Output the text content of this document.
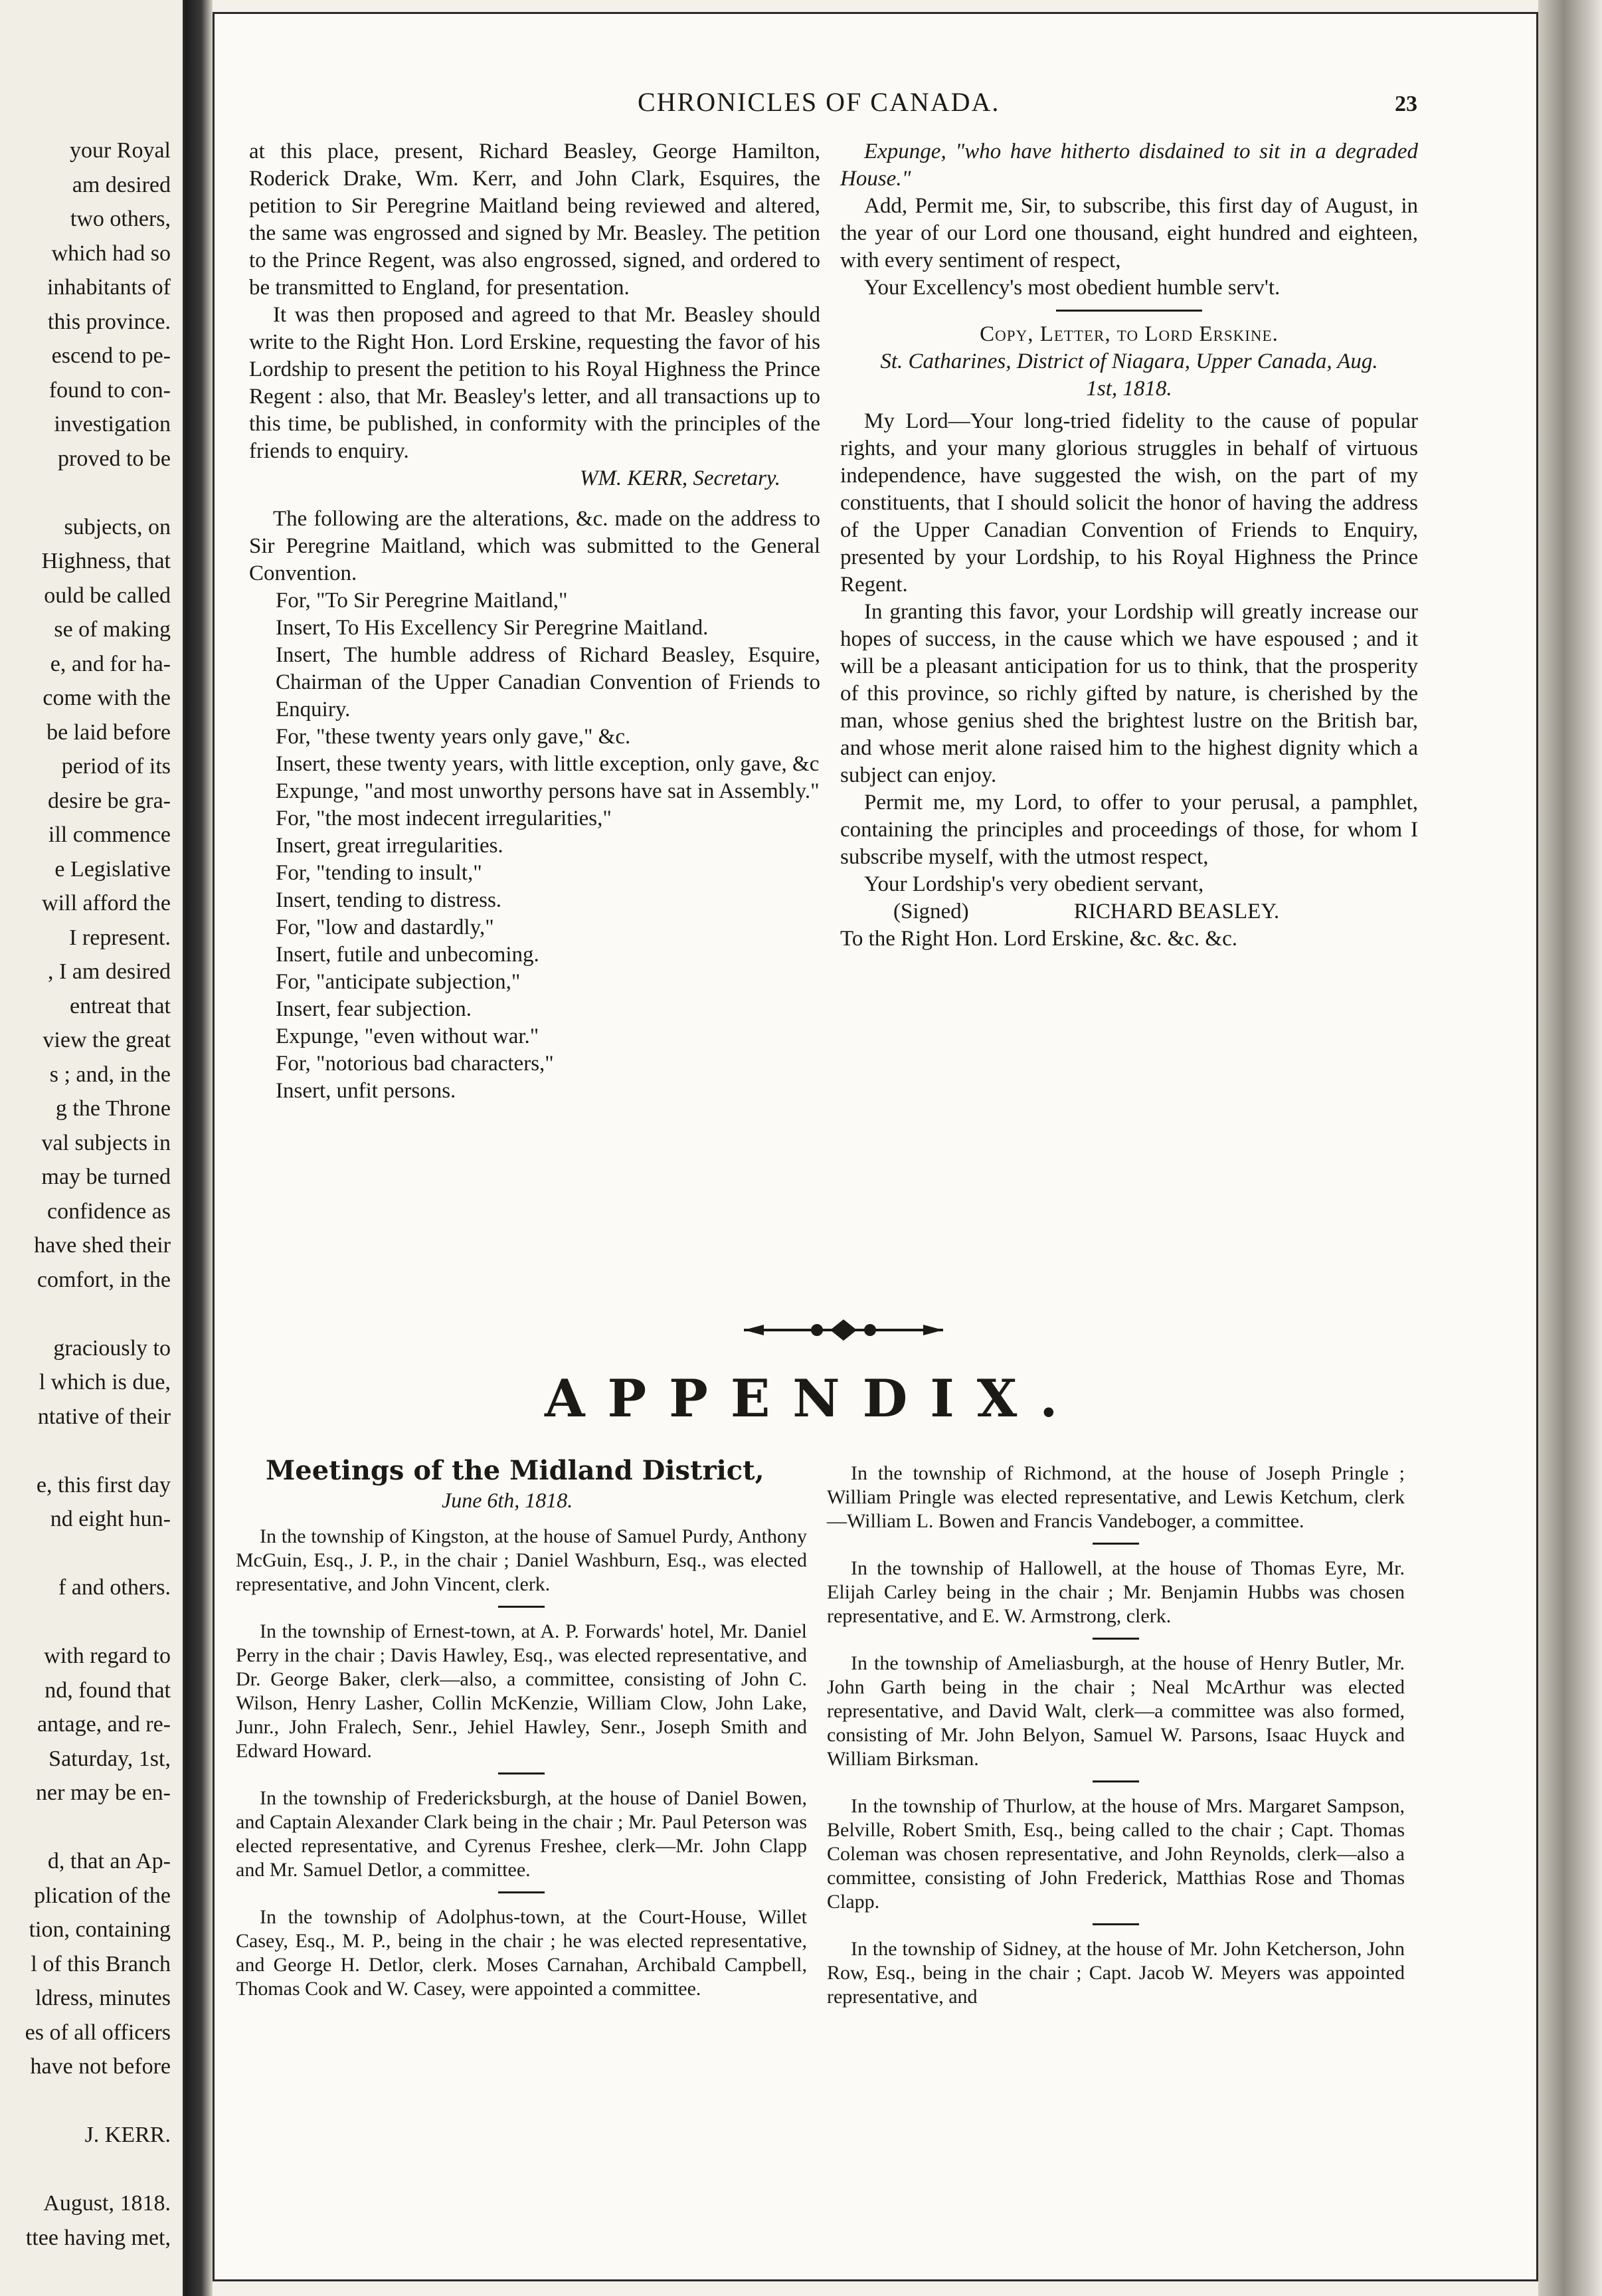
your Royal
am desired
two others,
which had so
inhabitants of
this province.
escend to pe-
found to con-
investigation
proved to be
subjects, on
Highness, that
ould be called
se of making
e, and for ha-
come with the
be laid before
period of its
desire be gra-
ill commence
e Legislative
will afford the
I represent.
, I am desired
entreat that
view the great
s ; and, in the
g the Throne
val subjects in
may be turned
confidence as
have shed their
comfort, in the
graciously to
l which is due,
ntative of their
e, this first day
nd eight hun-
f and others.
with regard to
nd, found that
antage, and re-
Saturday, 1st,
ner may be en-
d, that an Ap-
plication of the
tion, containing
l of this Branch
ldress, minutes
es of all officers
have not before
J. KERR.
August, 1818.
ttee having met,
CHRONICLES OF CANADA.	23

at this place, present, Richard Beasley, George Hamilton, Roderick Drake, Wm. Kerr, and John Clark, Esquires, the petition to Sir Peregrine Maitland being reviewed and altered, the same was engrossed and signed by Mr. Beasley. The petition to the Prince Regent, was also engrossed, signed, and ordered to be transmitted to England, for presentation.

It was then proposed and agreed to that Mr. Beasley should write to the Right Hon. Lord Erskine, requesting the favor of his Lordship to present the petition to his Royal Highness the Prince Regent : also, that Mr. Beasley's letter, and all transactions up to this time, be published, in conformity with the principles of the friends to enquiry.

WM. KERR, Secretary.

The following are the alterations, &c. made on the address to Sir Peregrine Maitland, which was submitted to the General Convention.

For, "To Sir Peregrine Maitland,"

Insert, To His Excellency Sir Peregrine Maitland.

Insert, The humble address of Richard Beasley, Esquire, Chairman of the Upper Canadian Convention of Friends to Enquiry.

For, "these twenty years only gave," &c.

Insert, these twenty years, with little exception, only gave, &c

Expunge, "and most unworthy persons have sat in Assembly."

For, "the most indecent irregularities,"

Insert, great irregularities.

For, "tending to insult,"

Insert, tending to distress.

For, "low and dastardly,"

Insert, futile and unbecoming.

For, "anticipate subjection,"

Insert, fear subjection.

Expunge, "even without war."

For, "notorious bad characters,"

Insert, unfit persons.

Expunge, "who have hitherto disdained to sit in a degraded House."

Add, Permit me, Sir, to subscribe, this first day of August, in the year of our Lord one thousand, eight hundred and eighteen, with every sentiment of respect,

Your Excellency's most obedient humble serv't.

Copy, Letter, to Lord Erskine.

St. Catharines, District of Niagara, Upper Canada, Aug. 1st, 1818.

My Lord—Your long-tried fidelity to the cause of popular rights, and your many glorious struggles in behalf of virtuous independence, have suggested the wish, on the part of my constituents, that I should solicit the honor of having the address of the Upper Canadian Convention of Friends to Enquiry, presented by your Lordship, to his Royal Highness the Prince Regent.

In granting this favor, your Lordship will greatly increase our hopes of success, in the cause which we have espoused ; and it will be a pleasant anticipation for us to think, that the prosperity of this province, so richly gifted by nature, is cherished by the man, whose genius shed the brightest lustre on the British bar, and whose merit alone raised him to the highest dignity which a subject can enjoy.

Permit me, my Lord, to offer to your perusal, a pamphlet, containing the principles and proceedings of those, for whom I subscribe myself, with the utmost respect,

Your Lordship's very obedient servant,

(Signed)	RICHARD BEASLEY.

To the Right Hon. Lord Erskine, &c. &c. &c.

APPENDIX.
Meetings of the Midland District,
June 6th, 1818.

In the township of Kingston, at the house of Samuel Purdy, Anthony McGuin, Esq., J. P., in the chair ; Daniel Washburn, Esq., was elected representative, and John Vincent, clerk.

In the township of Ernest-town, at A. P. Forwards' hotel, Mr. Daniel Perry in the chair ; Davis Hawley, Esq., was elected representative, and Dr. George Baker, clerk—also, a committee, consisting of John C. Wilson, Henry Lasher, Collin McKenzie, William Clow, John Lake, Junr., John Fralech, Senr., Jehiel Hawley, Senr., Joseph Smith and Edward Howard.

In the township of Fredericksburgh, at the house of Daniel Bowen, and Captain Alexander Clark being in the chair ; Mr. Paul Peterson was elected representative, and Cyrenus Freshee, clerk—Mr. John Clapp and Mr. Samuel Detlor, a committee.

In the township of Adolphus-town, at the Court-House, Willet Casey, Esq., M. P., being in the chair ; he was elected representative, and George H. Detlor, clerk. Moses Carnahan, Archibald Campbell, Thomas Cook and W. Casey, were appointed a committee.

In the township of Richmond, at the house of Joseph Pringle ; William Pringle was elected representative, and Lewis Ketchum, clerk—William L. Bowen and Francis Vandeboger, a committee.

In the township of Hallowell, at the house of Thomas Eyre, Mr. Elijah Carley being in the chair ; Mr. Benjamin Hubbs was chosen representative, and E. W. Armstrong, clerk.

In the township of Ameliasburgh, at the house of Henry Butler, Mr. John Garth being in the chair ; Neal McArthur was elected representative, and David Walt, clerk—a committee was also formed, consisting of Mr. John Belyon, Samuel W. Parsons, Isaac Huyck and William Birksman.

In the township of Thurlow, at the house of Mrs. Margaret Sampson, Belville, Robert Smith, Esq., being called to the chair ; Capt. Thomas Coleman was chosen representative, and John Reynolds, clerk—also a committee, consisting of John Frederick, Matthias Rose and Thomas Clapp.

In the township of Sidney, at the house of Mr. John Ketcherson, John Row, Esq., being in the chair ; Capt. Jacob W. Meyers was appointed representative, and
